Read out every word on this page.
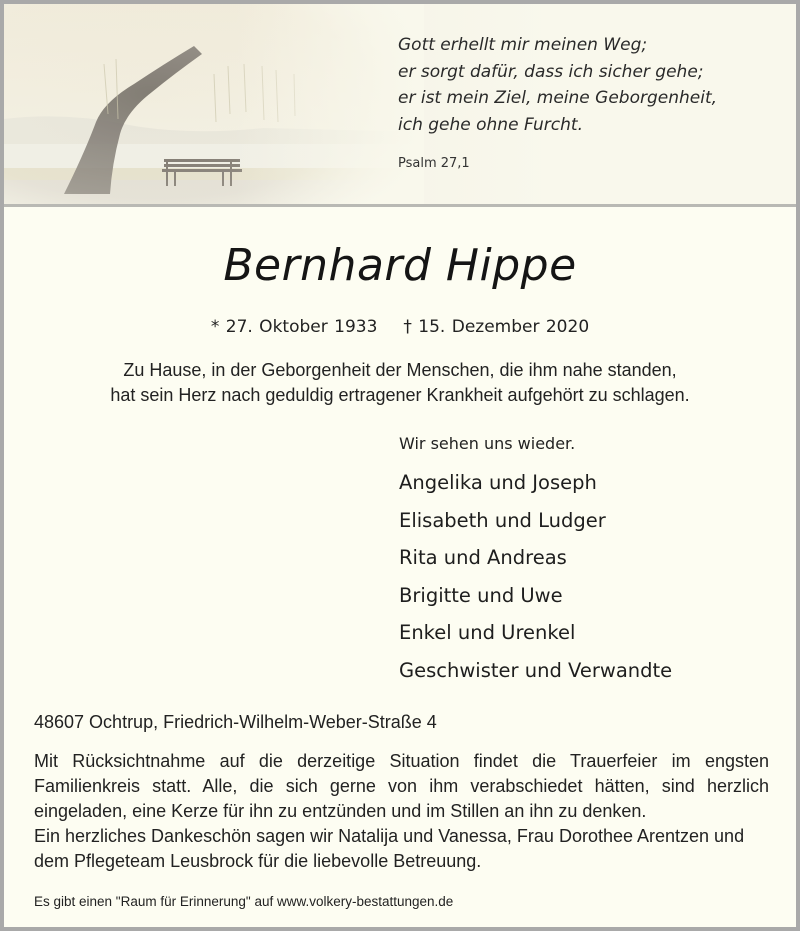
Gott erhellt mir meinen Weg;
er sorgt dafür, dass ich sicher gehe;
er ist mein Ziel, meine Geborgenheit,
ich gehe ohne Furcht.
Psalm 27,1
Bernhard Hippe
* 27. Oktober 1933 † 15. Dezember 2020
Zu Hause, in der Geborgenheit der Menschen, die ihm nahe standen,
hat sein Herz nach geduldig ertragener Krankheit aufgehört zu schlagen.
Wir sehen uns wieder.
Angelika und Joseph
Elisabeth und Ludger
Rita und Andreas
Brigitte und Uwe
Enkel und Urenkel
Geschwister und Verwandte
48607 Ochtrup, Friedrich-Wilhelm-Weber-Straße 4
Mit Rücksichtnahme auf die derzeitige Situation findet die Trauerfeier im engsten Familienkreis statt. Alle, die sich gerne von ihm verabschiedet hätten, sind herzlich eingeladen, eine Kerze für ihn zu entzünden und im Stillen an ihn zu denken.
Ein herzliches Dankeschön sagen wir Natalija und Vanessa, Frau Dorothee Arentzen und dem Pflegeteam Leusbrock für die liebevolle Betreuung.
Es gibt einen "Raum für Erinnerung" auf www.volkery-bestattungen.de
